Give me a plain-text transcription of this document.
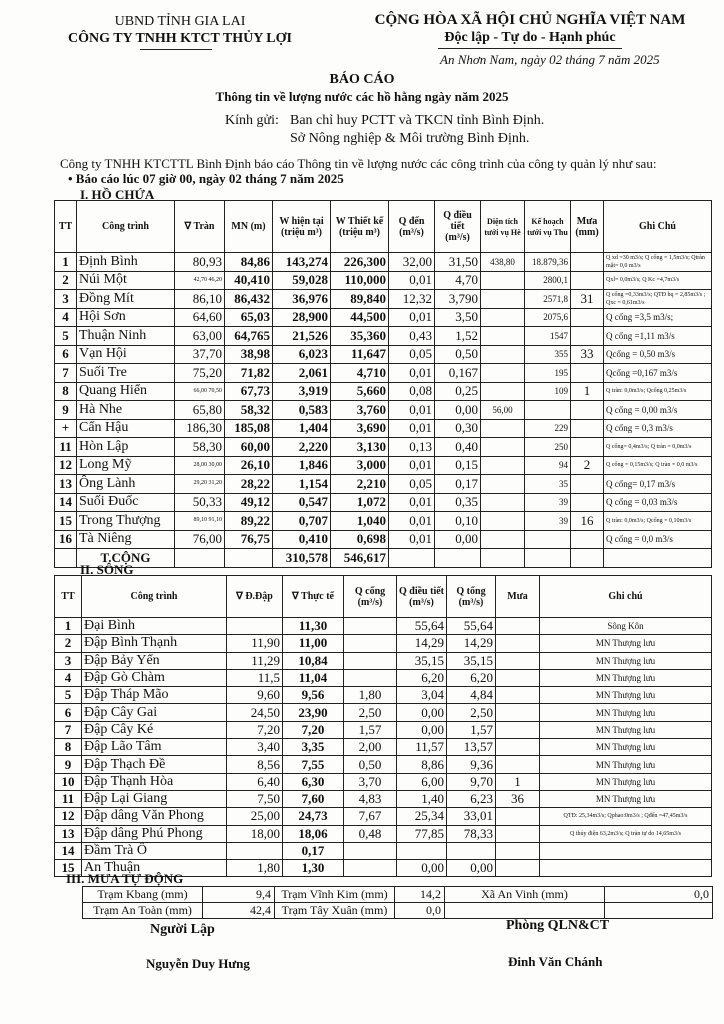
UBND TỈNH GIA LAI
CÔNG TY TNHH KTCT THỦY LỢI
CỘNG HÒA XÃ HỘI CHỦ NGHĨA VIỆT NAM
Độc lập - Tự do - Hạnh phúc
An Nhơn Nam, ngày 02 tháng 7 năm 2025
BÁO CÁO
Thông tin về lượng nước các hồ hằng ngày năm 2025
Kính gửi: Ban chỉ huy PCTT và TKCN tỉnh Bình Định.
Sở Nông nghiệp & Môi trường Bình Định.
Công ty TNHH KTCTTL Bình Định báo cáo Thông tin về lượng nước các công trình của công ty quản lý như sau:
• Báo cáo lúc 07 giờ 00, ngày 02 tháng 7 năm 2025
I. HỒ CHỨA
TT	Công trình	∇ Tràn	MN (m)	W hiện tại (triệu m³)	W Thiết kế (triệu m³)	Q đến (m³/s)	Q điều tiết (m³/s)	Diện tích tưới vụ Hè	Kế hoạch tưới vụ Thu	Mưa (mm)	Ghi Chú
1	Định Bình	80,93	84,86	143,274	226,300	32,00	31,50	438,80	18.879,36		Q xd =30 m3/s; Q cống = 1,5m3/s; Qtràn mặt= 0,0 m3/s
2	Núi Một	42,70 46,20	40,410	59,028	110,000	0,01	4,70		2800,1		Qxl= 0,0m3/s; Q Kc =4,7m3/s
3	Đồng Mít	86,10	86,432	36,976	89,840	12,32	3,790		2571,8	31	Q cống =0,33m3/s; QTĐ hq = 2,85m3/s ; Qxc = 0,61m3/s
4	Hội Sơn	64,60	65,03	28,900	44,500	0,01	3,50		2075,6		Q cống =3,5 m3/s;
5	Thuận Ninh	63,00	64,765	21,526	35,360	0,43	1,52		1547		Q cống =1,11 m3/s
6	Vạn Hội	37,70	38,98	6,023	11,647	0,05	0,50		355	33	Qcống = 0,50 m3/s
7	Suối Tre	75,20	71,82	2,061	4,710	0,01	0,167		195		Qcống =0,167 m3/s
8	Quang Hiển	66,00 70,50	67,73	3,919	5,660	0,08	0,25		109	1	Q tràn: 0,0m3/s; Qcống 0,25m3/s
9	Hà Nhe	65,80	58,32	0,583	3,760	0,01	0,00	56,00			Q cống = 0,00 m3/s
+	Cẩn Hậu	186,30	185,08	1,404	3,690	0,01	0,30		229		Q cống = 0,3 m3/s
11	Hòn Lập	58,30	60,00	2,220	3,130	0,13	0,40		250		Q cống= 0,4m3/s; Q tràn = 0,0m3/s
12	Long Mỹ	28,00 30,00	26,10	1,846	3,000	0,01	0,15		94	2	Q cống = 0,15m3/s; Q tràn = 0,0 m3/s
13	Ông Lành	29,20 31,20	28,22	1,154	2,210	0,05	0,17		35		Q cống= 0,17 m3/s
14	Suối Đuốc	50,33	49,12	0,547	1,072	0,01	0,35		39		Q cống = 0,03 m3/s
15	Trong Thượng	89,10 91,10	89,22	0,707	1,040	0,01	0,10		39	16	Q tràn: 0,0m3/s; Qcống = 0,10m3/s
16	Tà Niêng	76,00	76,75	0,410	0,698	0,01	0,00				Q cống = 0,0 m3/s
	T.CỘNG			310,578	546,617						
II. SÔNG
TT	Công trình	∇ Đ.Đập	∇ Thực tế	Q cống (m³/s)	Q điều tiết (m³/s)	Q tổng (m³/s)	Mưa	Ghi chú
1	Đại Bình		11,30		55,64	55,64		Sông Kôn
2	Đập Bình Thạnh	11,90	11,00		14,29	14,29		MN Thượng lưu
3	Đập Bảy Yển	11,29	10,84		35,15	35,15		MN Thượng lưu
4	Đập Gò Chàm	11,5	11,04		6,20	6,20		MN Thượng lưu
5	Đập Tháp Mão	9,60	9,56	1,80	3,04	4,84		MN Thượng lưu
6	Đập Cây Gai	24,50	23,90	2,50	0,00	2,50		MN Thượng lưu
7	Đập Cây Ké	7,20	7,20	1,57	0,00	1,57		MN Thượng lưu
8	Đập Lão Tâm	3,40	3,35	2,00	11,57	13,57		MN Thượng lưu
9	Đập Thạch Đề	8,56	7,55	0,50	8,86	9,36		MN Thượng lưu
10	Đập Thạnh Hòa	6,40	6,30	3,70	6,00	9,70	1	MN Thượng lưu
11	Đập Lại Giang	7,50	7,60	4,83	1,40	6,23	36	MN Thượng lưu
12	Đập dâng Văn Phong	25,00	24,73	7,67	25,34	33,01		QTĐ: 25,34m3/s; Qphao:0m3/s ; Qđến =47,45m3/s
13	Đập dâng Phú Phong	18,00	18,06	0,48	77,85	78,33		Q thủy điện 63,2m3/s; Q tràn tự do 14,65m3/s
14	Đầm Trà Ổ		0,17					
15	An Thuận	1,80	1,30		0,00	0,00		
III. MƯA TỰ ĐỘNG
Trạm Kbang (mm)	9,4	Trạm Vĩnh Kim (mm)	14,2	Xã An Vinh (mm)	0,0
Trạm An Toàn (mm)	42,4	Trạm Tây Xuân (mm)	0,0		
Người Lập
Nguyễn Duy Hưng
Phòng QLN&CT
Đinh Văn Chánh
